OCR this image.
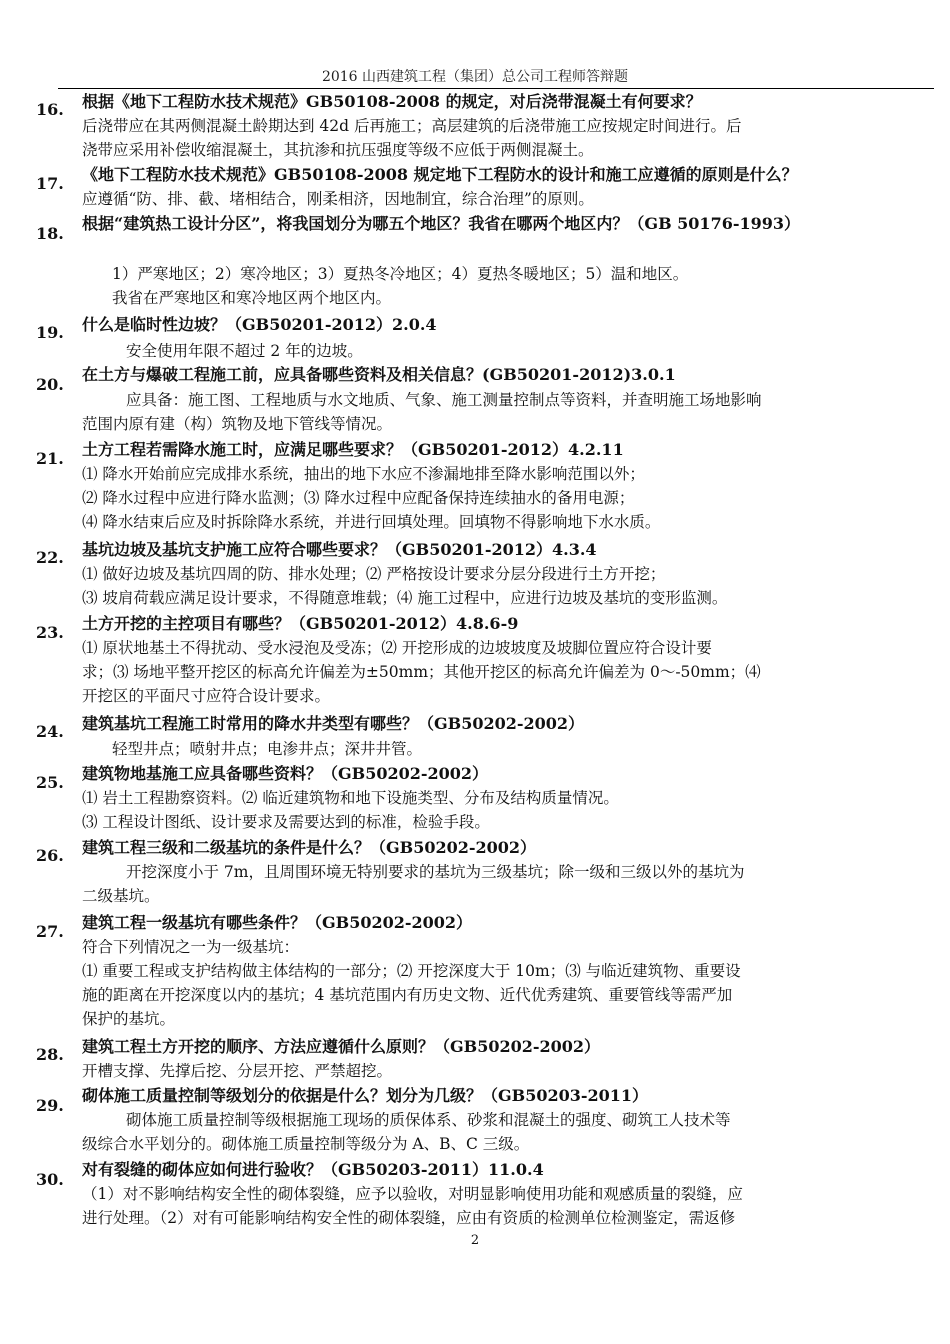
2016 山西建筑工程（集团）总公司工程师答辩题
16. 根据《地下工程防水技术规范》GB50108-2008 的规定，对后浇带混凝土有何要求？
后浇带应在其两侧混凝土龄期达到 42d 后再施工；高层建筑的后浇带施工应按规定时间进行。后
浇带应采用补偿收缩混凝土，其抗渗和抗压强度等级不应低于两侧混凝土。
17. 《地下工程防水技术规范》GB50108-2008 规定地下工程防水的设计和施工应遵循的原则是什么？
应遵循“防、排、截、堵相结合，刚柔相济，因地制宜，综合治理”的原则。
18.
根据“建筑热工设计分区”，将我国划分为哪五个地区？我省在哪两个地区内？（GB 50176-1993）
1）严寒地区；2）寒冷地区；3）夏热冬冷地区；4）夏热冬暖地区；5）温和地区。
我省在严寒地区和寒冷地区两个地区内。
19. 什么是临时性边坡？（GB50201-2012）2.0.4
安全使用年限不超过 2 年的边坡。
20.
在土方与爆破工程施工前，应具备哪些资料及相关信息？(GB50201-2012)3.0.1
应具备：施工图、工程地质与水文地质、气象、施工测量控制点等资料，并查明施工场地影响
范围内原有建（构）筑物及地下管线等情况。
21. 土方工程若需降水施工时，应满足哪些要求？（GB50201-2012）4.2.11
⑴ 降水开始前应完成排水系统，抽出的地下水应不渗漏地排至降水影响范围以外；
⑵ 降水过程中应进行降水监测；⑶ 降水过程中应配备保持连续抽水的备用电源；
⑷ 降水结束后应及时拆除降水系统，并进行回填处理。回填物不得影响地下水水质。
22. 基坑边坡及基坑支护施工应符合哪些要求？（GB50201-2012）4.3.4
⑴ 做好边坡及基坑四周的防、排水处理；⑵ 严格按设计要求分层分段进行土方开挖；
⑶ 坡肩荷载应满足设计要求，不得随意堆载；⑷ 施工过程中，应进行边坡及基坑的变形监测。
23. 土方开挖的主控项目有哪些？（GB50201-2012）4.8.6-9
⑴ 原状地基土不得扰动、受水浸泡及受冻；⑵ 开挖形成的边坡坡度及坡脚位置应符合设计要
求；⑶ 场地平整开挖区的标高允许偏差为±50mm；其他开挖区的标高允许偏差为 0～-50mm；⑷
开挖区的平面尺寸应符合设计要求。
24. 建筑基坑工程施工时常用的降水井类型有哪些？（GB50202-2002）
轻型井点；喷射井点；电渗井点；深井井管。
25. 建筑物地基施工应具备哪些资料？（GB50202-2002）
⑴ 岩土工程勘察资料。⑵ 临近建筑物和地下设施类型、分布及结构质量情况。
⑶ 工程设计图纸、设计要求及需要达到的标准，检验手段。
26. 建筑工程三级和二级基坑的条件是什么？（GB50202-2002）
开挖深度小于 7m，且周围环境无特别要求的基坑为三级基坑；除一级和三级以外的基坑为
二级基坑。
27. 建筑工程一级基坑有哪些条件？（GB50202-2002）
符合下列情况之一为一级基坑：
⑴ 重要工程或支护结构做主体结构的一部分；⑵ 开挖深度大于 10m；⑶ 与临近建筑物、重要设
施的距离在开挖深度以内的基坑；4 基坑范围内有历史文物、近代优秀建筑、重要管线等需严加
保护的基坑。
28. 建筑工程土方开挖的顺序、方法应遵循什么原则？（GB50202-2002）
开槽支撑、先撑后挖、分层开挖、严禁超挖。
29.
砌体施工质量控制等级划分的依据是什么？划分为几级？（GB50203-2011）
砌体施工质量控制等级根据施工现场的质保体系、砂浆和混凝土的强度、砌筑工人技术等
级综合水平划分的。砌体施工质量控制等级分为 A、B、C 三级。
30.
对有裂缝的砌体应如何进行验收？（GB50203-2011）11.0.4
（1）对不影响结构安全性的砌体裂缝，应予以验收，对明显影响使用功能和观感质量的裂缝，应
进行处理。（2）对有可能影响结构安全性的砌体裂缝，应由有资质的检测单位检测鉴定，需返修
2
